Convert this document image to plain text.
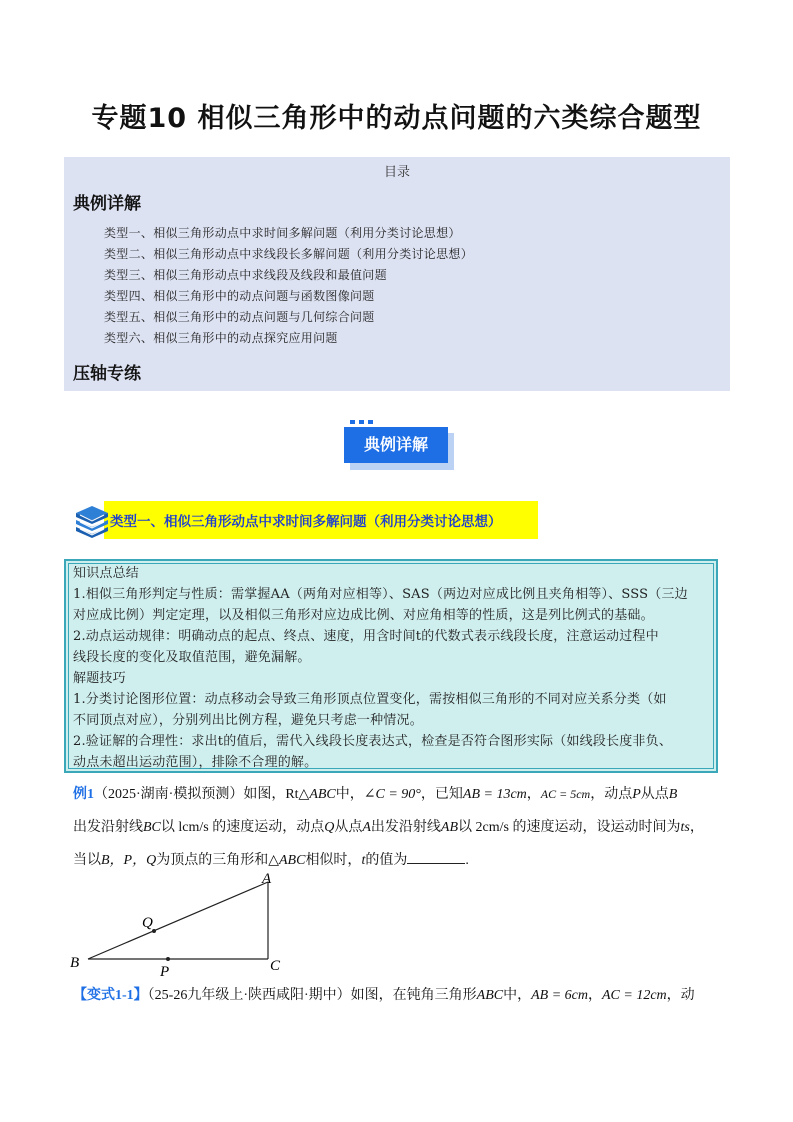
专题10 相似三角形中的动点问题的六类综合题型
目录
典例详解
类型一、相似三角形动点中求时间多解问题（利用分类讨论思想）
类型二、相似三角形动点中求线段长多解问题（利用分类讨论思想）
类型三、相似三角形动点中求线段及线段和最值问题
类型四、相似三角形中的动点问题与函数图像问题
类型五、相似三角形中的动点问题与几何综合问题
类型六、相似三角形中的动点探究应用问题
压轴专练
典例详解
类型一、相似三角形动点中求时间多解问题（利用分类讨论思想）
知识点总结
1.相似三角形判定与性质：需掌握AA（两角对应相等）、SAS（两边对应成比例且夹角相等）、SSS（三边
对应成比例）判定定理，以及相似三角形对应边成比例、对应角相等的性质，这是列比例式的基础。
2.动点运动规律：明确动点的起点、终点、速度，用含时间t的代数式表示线段长度，注意运动过程中
线段长度的变化及取值范围，避免漏解。
解题技巧
1.分类讨论图形位置：动点移动会导致三角形顶点位置变化，需按相似三角形的不同对应关系分类（如
不同顶点对应），分别列出比例方程，避免只考虑一种情况。
2.验证解的合理性：求出t的值后，需代入线段长度表达式，检查是否符合图形实际（如线段长度非负、
动点未超出运动范围），排除不合理的解。
例1（2025·湖南·模拟预测）如图，Rt△ABC中，∠C = 90°，已知AB = 13cm，AC = 5cm，动点P从点B
出发沿射线BC以 lcm/s 的速度运动，动点Q从点A出发沿射线AB以 2cm/s 的速度运动，设运动时间为ts，
当以B，P，Q为顶点的三角形和△ABC相似时，t的值为	.
A
B	C
Q
P
【变式1-1】（25-26九年级上·陕西咸阳·期中）如图，在钝角三角形ABC中，AB = 6cm，AC = 12cm，动
